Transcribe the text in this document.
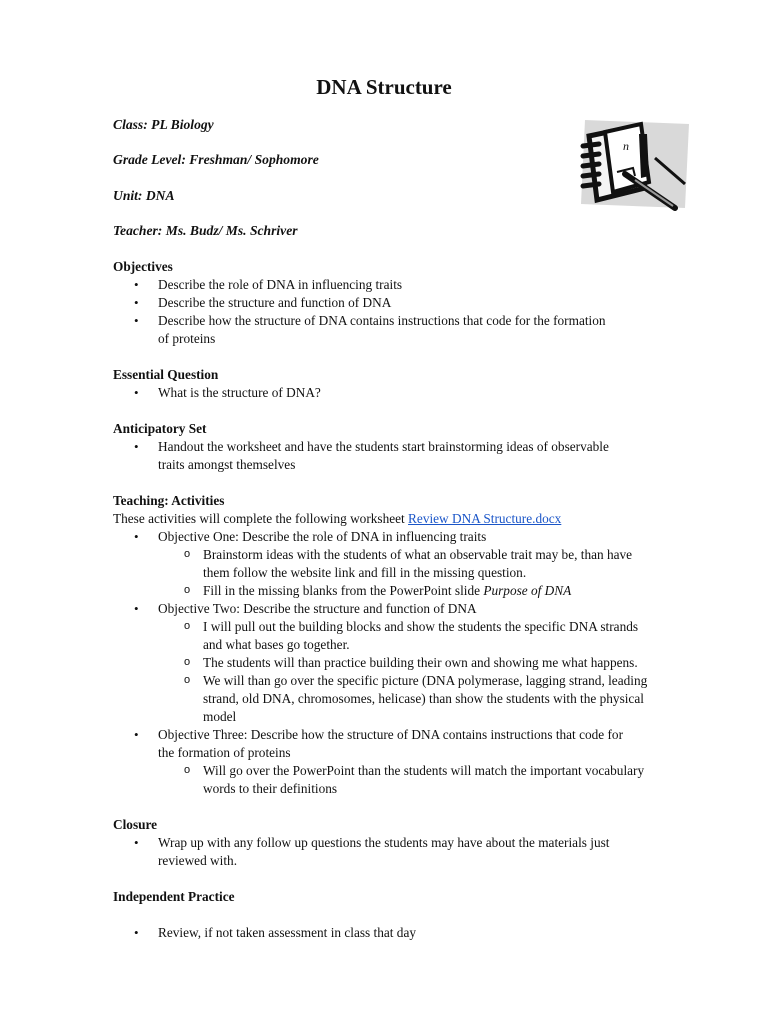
DNA Structure
Class: PL Biology
Grade Level: Freshman/ Sophomore
Unit: DNA
Teacher: Ms. Budz/ Ms. Schriver
n
Objectives
• Describe the role of DNA in influencing traits
• Describe the structure and function of DNA
• Describe how the structure of DNA contains instructions that code for the formation of proteins
Essential Question
• What is the structure of DNA?
Anticipatory Set
• Handout the worksheet and have the students start brainstorming ideas of observable traits amongst themselves
Teaching: Activities
These activities will complete the following worksheet Review DNA Structure.docx
• Objective One: Describe the role of DNA in influencing traits
o Brainstorm ideas with the students of what an observable trait may be, than have them follow the website link and fill in the missing question.
o Fill in the missing blanks from the PowerPoint slide Purpose of DNA
• Objective Two: Describe the structure and function of DNA
o I will pull out the building blocks and show the students the specific DNA strands and what bases go together.
o The students will than practice building their own and showing me what happens.
o We will than go over the specific picture (DNA polymerase, lagging strand, leading strand, old DNA, chromosomes, helicase) than show the students with the physical model
• Objective Three: Describe how the structure of DNA contains instructions that code for the formation of proteins
o Will go over the PowerPoint than the students will match the important vocabulary words to their definitions
Closure
• Wrap up with any follow up questions the students may have about the materials just reviewed with.
Independent Practice
• Review, if not taken assessment in class that day
